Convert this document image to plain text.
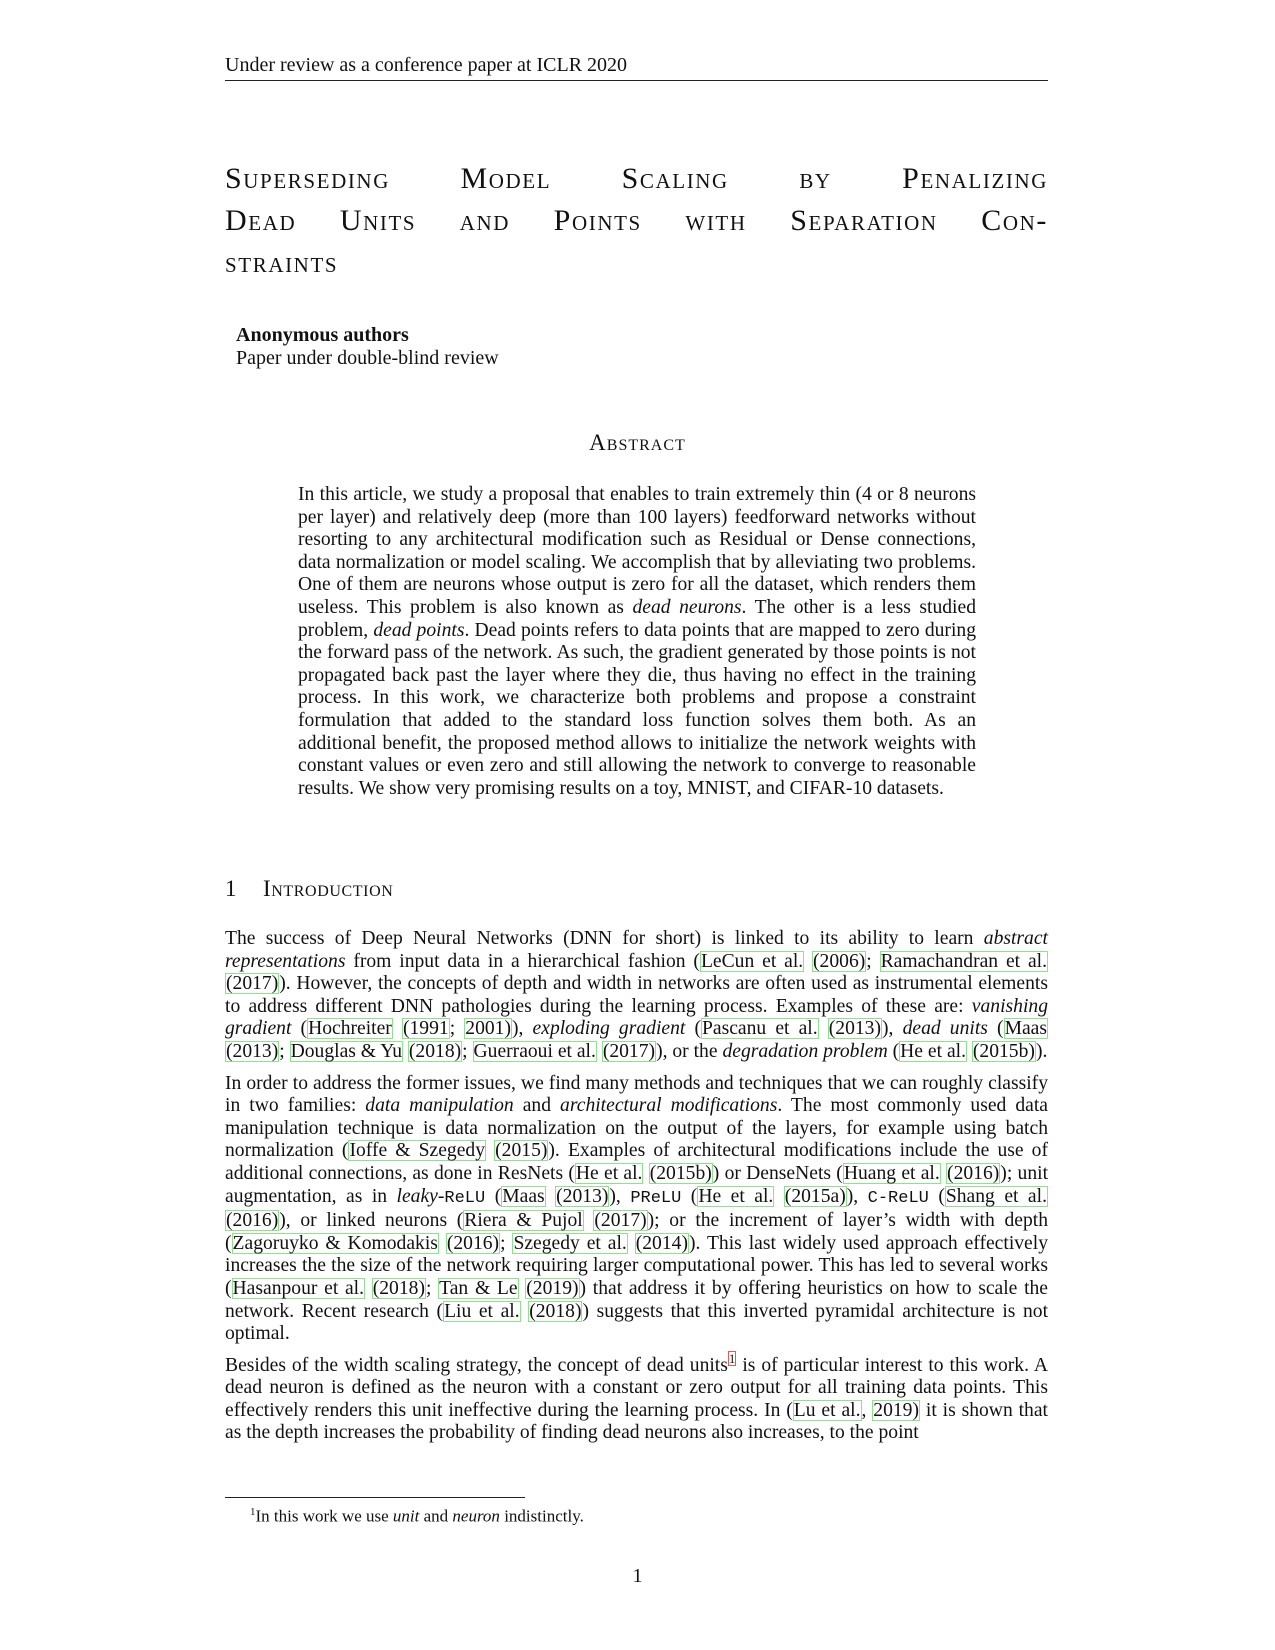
Under review as a conference paper at ICLR 2020
Superseding Model Scaling by Penalizing
Dead Units and Points with Separation Con-
straints
Anonymous authors
Paper under double-blind review
Abstract
In this article, we study a proposal that enables to train extremely thin (4 or 8 neurons per layer) and relatively deep (more than 100 layers) feedforward networks without resorting to any architectural modification such as Residual or Dense connections, data normalization or model scaling. We accomplish that by alleviating two problems. One of them are neurons whose output is zero for all the dataset, which renders them useless. This problem is also known as dead neurons. The other is a less studied problem, dead points. Dead points refers to data points that are mapped to zero during the forward pass of the network. As such, the gradient generated by those points is not propagated back past the layer where they die, thus having no effect in the training process. In this work, we characterize both problems and propose a constraint formulation that added to the standard loss function solves them both. As an additional benefit, the proposed method allows to initialize the network weights with constant values or even zero and still allowing the network to converge to reasonable results. We show very promising results on a toy, MNIST, and CIFAR-10 datasets.
1 Introduction

The success of Deep Neural Networks (DNN for short) is linked to its ability to learn abstract representations from input data in a hierarchical fashion (LeCun et al. (2006); Ramachandran et al. (2017)). However, the concepts of depth and width in networks are often used as instrumental elements to address different DNN pathologies during the learning process. Examples of these are: vanishing gradient (Hochreiter (1991; 2001)), exploding gradient (Pascanu et al. (2013)), dead units (Maas (2013); Douglas & Yu (2018); Guerraoui et al. (2017)), or the degradation problem (He et al. (2015b)).

In order to address the former issues, we find many methods and techniques that we can roughly classify in two families: data manipulation and architectural modifications. The most commonly used data manipulation technique is data normalization on the output of the layers, for example using batch normalization (Ioffe & Szegedy (2015)). Examples of architectural modifications include the use of additional connections, as done in ResNets (He et al. (2015b)) or DenseNets (Huang et al. (2016)); unit augmentation, as in leaky-ReLU (Maas (2013)), PReLU (He et al. (2015a)), C-ReLU (Shang et al. (2016)), or linked neurons (Riera & Pujol (2017)); or the increment of layer’s width with depth (Zagoruyko & Komodakis (2016); Szegedy et al. (2014)). This last widely used approach effectively increases the the size of the network requiring larger computational power. This has led to several works (Hasanpour et al. (2018); Tan & Le (2019)) that address it by offering heuristics on how to scale the network. Recent research (Liu et al. (2018)) suggests that this inverted pyramidal architecture is not optimal.

Besides of the width scaling strategy, the concept of dead units$^1$ is of particular interest to this work. A dead neuron is defined as the neuron with a constant or zero output for all training data points. This effectively renders this unit ineffective during the learning process. In (Lu et al., 2019) it is shown that as the depth increases the probability of finding dead neurons also increases, to the point

$^1$In this work we use unit and neuron indistinctly.
1
